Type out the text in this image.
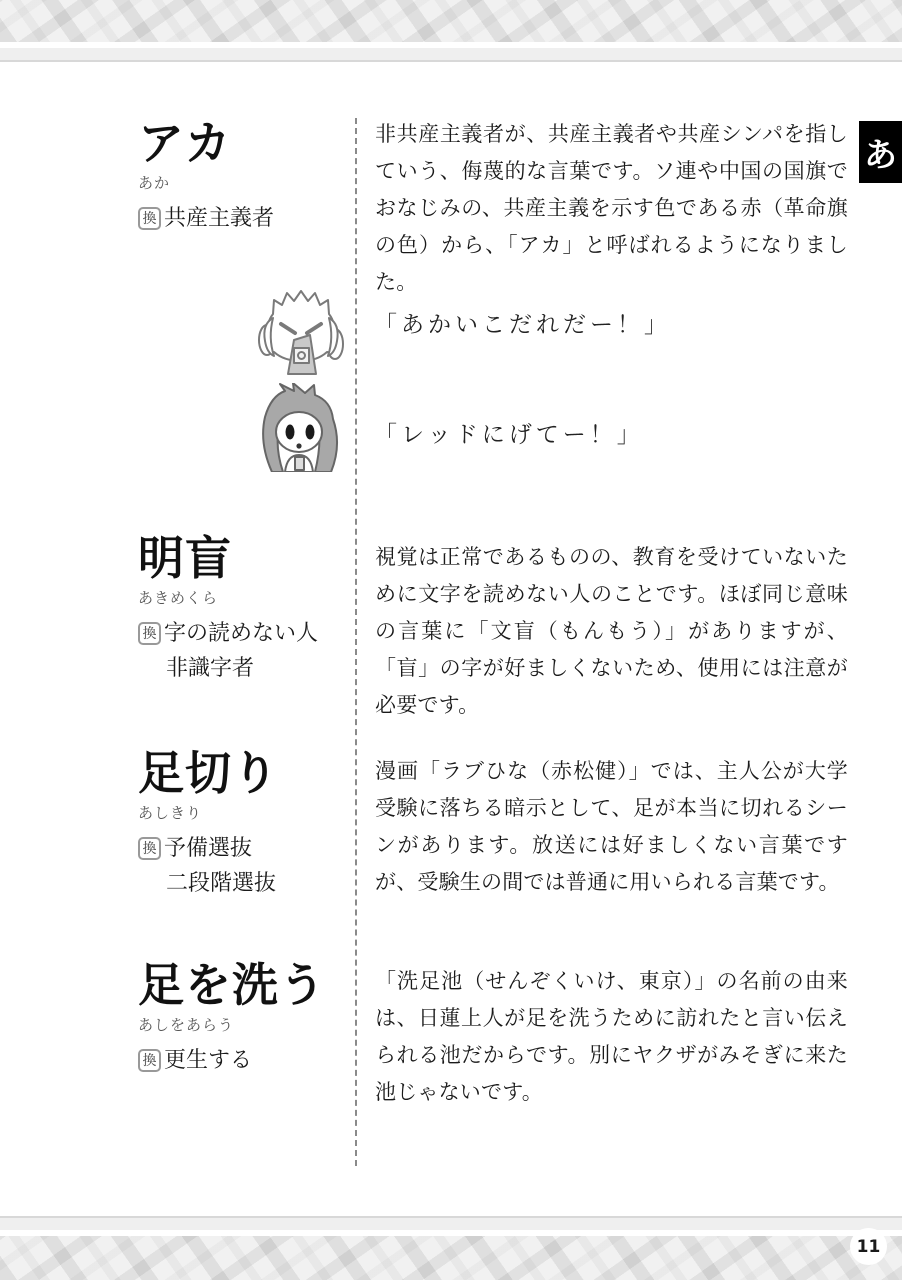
11
あ
アカ
あか
換 共産主義者
非共産主義者が、共産主義者や共産シンパを指していう、侮蔑的な言葉です。ソ連や中国の国旗でおなじみの、共産主義を示す色である赤（革命旗の色）から、「アカ」と呼ばれるようになりました。
「あかいこだれだー！」
「レッドにげてー！」
明盲
あきめくら
換 字の読めない人
非識字者
視覚は正常であるものの、教育を受けていないために文字を読めない人のことです。ほぼ同じ意味の言葉に「文盲（もんもう）」がありますが、「盲」の字が好ましくないため、使用には注意が必要です。
足切り
あしきり
換 予備選抜
二段階選抜
漫画「ラブひな（赤松健）」では、主人公が大学受験に落ちる暗示として、足が本当に切れるシーンがあります。放送には好ましくない言葉ですが、受験生の間では普通に用いられる言葉です。
足を洗う
あしをあらう
換 更生する
「洗足池（せんぞくいけ、東京）」の名前の由来は、日蓮上人が足を洗うために訪れたと言い伝えられる池だからです。別にヤクザがみそぎに来た池じゃないです。
